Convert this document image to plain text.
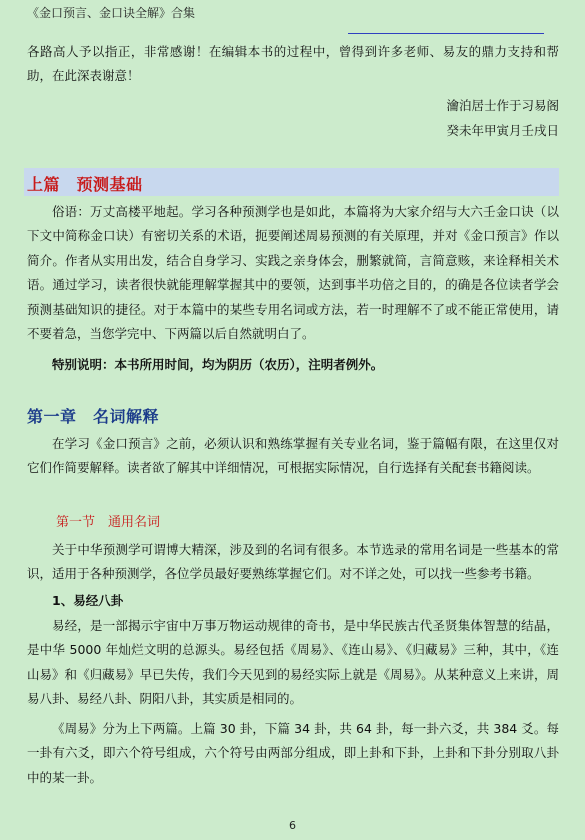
《金口预言、金口诀全解》合集
各路高人予以指正，非常感谢！在编辑本书的过程中，曾得到许多老师、易友的鼎力支持和帮助，在此深表谢意！
瀹泊居士作于习易阁
癸未年甲寅月壬戌日
上篇　预测基础
俗语：万丈高楼平地起。学习各种预测学也是如此，本篇将为大家介绍与大六壬金口诀（以下文中简称金口诀）有密切关系的术语，扼要阐述周易预测的有关原理，并对《金口预言》作以简介。作者从实用出发，结合自身学习、实践之亲身体会，删繁就简，言简意赅，来诠释相关术语。通过学习，读者很快就能理解掌握其中的要领，达到事半功倍之目的，的确是各位读者学会预测基础知识的捷径。对于本篇中的某些专用名词或方法，若一时理解不了或不能正常使用，请不要着急，当您学完中、下两篇以后自然就明白了。
特别说明：本书所用时间，均为阴历（农历），注明者例外。
第一章　名词解释
在学习《金口预言》之前，必须认识和熟练掌握有关专业名词，鉴于篇幅有限，在这里仅对它们作简要解释。读者欲了解其中详细情况，可根据实际情况，自行选择有关配套书籍阅读。
第一节　通用名词
关于中华预测学可谓博大精深，涉及到的名词有很多。本节选录的常用名词是一些基本的常识，适用于各种预测学，各位学员最好要熟练掌握它们。对不详之处，可以找一些参考书籍。
1、易经八卦
易经，是一部揭示宇宙中万事万物运动规律的奇书，是中华民族古代圣贤集体智慧的结晶，是中华 5000 年灿烂文明的总源头。易经包括《周易》、《连山易》、《归藏易》三种，其中，《连山易》和《归藏易》早已失传，我们今天见到的易经实际上就是《周易》。从某种意义上来讲，周易八卦、易经八卦、阴阳八卦，其实质是相同的。
《周易》分为上下两篇。上篇 30 卦，下篇 34 卦，共 64 卦，每一卦六爻，共 384 爻。每一卦有六爻，即六个符号组成，六个符号由两部分组成，即上卦和下卦，上卦和下卦分别取八卦中的某一卦。
6
